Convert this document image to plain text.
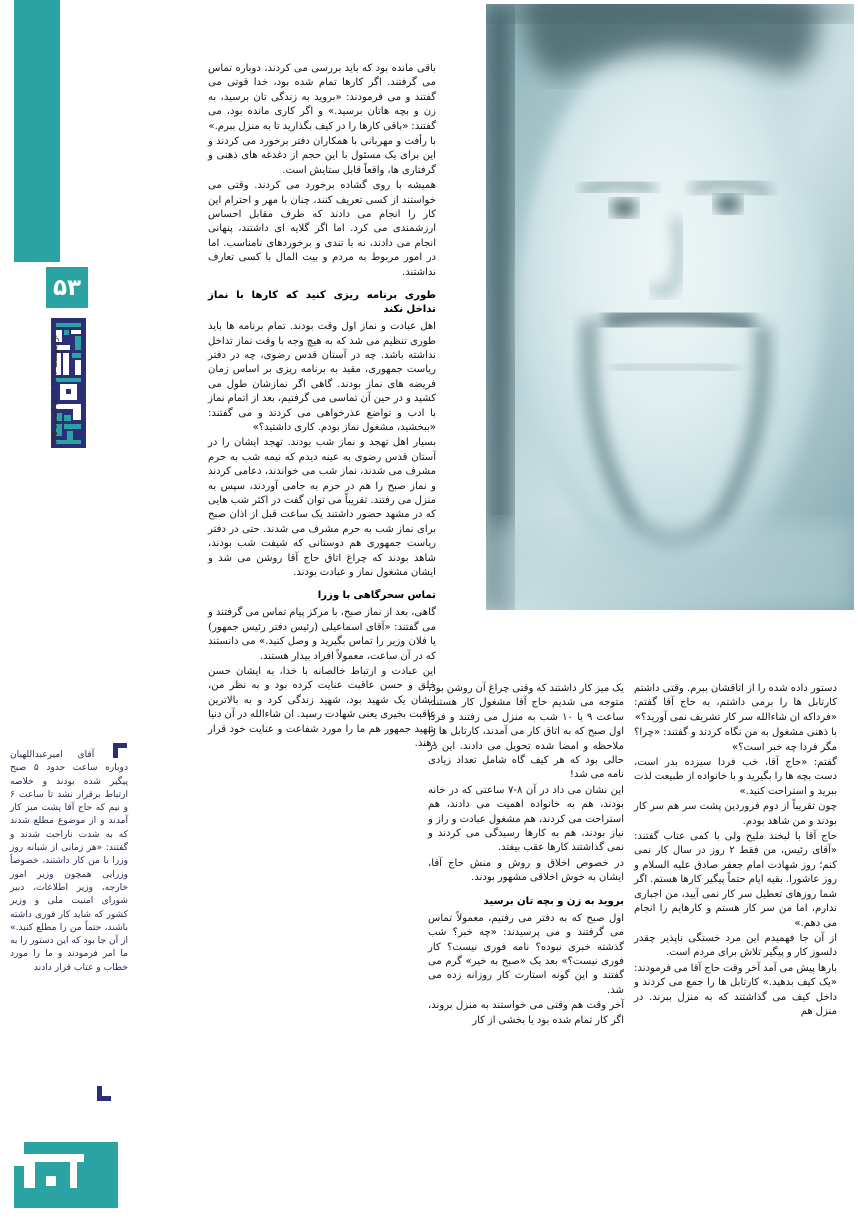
۵۳
اردیبهشت ۱۴۰۳ / ذی القعده ۱۴۴۵
آقای امیرعبداللهیان دوباره ساعت حدود ۵ صبح پیگیر شده بودند و خلاصه ارتباط برقرار نشد تا ساعت ۶ و نیم که حاج آقا پشت میز کار آمدند و از موضوع مطلع شدند که به شدت ناراحت شدند و گفتند: «هر زمانی از شبانه روز وزرا با من کار داشتند، خصوصاً وزرایی همچون وزیر امور خارجه، وزیر اطلاعات، دبیر شورای امنیت ملی و وزیر کشور که شاید کار فوری داشته باشند، حتماً من را مطلع کنید.» از آن جا بود که این دستور را به ما امر فرمودند و ما را مورد خطاب و عتاب قرار دادند

باقی مانده بود که باید بررسی می کردند، دوباره تماس می گرفتند. اگر کارها تمام شده بود، خدا قوتی می گفتند و می فرمودند: «بروید به زندگی تان برسید، به زن و بچه هاتان برسید.» و اگر کاری مانده بود، می گفتند: «باقی کارها را در کیف بگذارید تا به منزل ببرم.»

با رأفت و مهربانی با همکاران دفتر برخورد می کردند و این برای یک مسئول با این حجم از دغدغه های ذهنی و گرفتاری ها، واقعاً قابل ستایش است.

همیشه با روی گشاده برخورد می کردند. وقتی می خواستند از کسی تعریف کنند، چنان با مهر و احترام این کار را انجام می دادند که طرف مقابل احساس ارزشمندی می کرد. اما اگر گلایه ای داشتند، پنهانی انجام می دادند، نه با تندی و برخوردهای نامناسب. اما در امور مربوط به مردم و بیت المال با کسی تعارف نداشتند.

طوری برنامه ریزی کنید که کارها با نماز تداخل نکند

اهل عبادت و نماز اول وقت بودند. تمام برنامه ها باید طوری تنظیم می شد که به هیچ وجه با وقت نماز تداخل نداشته باشد. چه در آستان قدس رضوی، چه در دفتر ریاست جمهوری، مقید به برنامه ریزی بر اساس زمان فریضه های نماز بودند. گاهی اگر نمازشان طول می کشید و در حین آن تماسی می گرفتیم، بعد از اتمام نماز با ادب و تواضع عذرخواهی می کردند و می گفتند: «ببخشید، مشغول نماز بودم. کاری داشتید؟»

بسیار اهل تهجد و نماز شب بودند. تهجد ایشان را در آستان قدس رضوی به عینه دیدم که نیمه شب به حرم مشرف می شدند، نماز شب می خواندند، دعامی کردند و نماز صبح را هم در حرم به جامی آوردند، سپس به منزل می رفتند. تقریباً می توان گفت در اکثر شب هایی که در مشهد حضور داشتند یک ساعت قبل از اذان صبح برای نماز شب به حرم مشرف می شدند. حتی در دفتر ریاست جمهوری هم دوستانی که شیفت شب بودند، شاهد بودند که چراغ اتاق حاج آقا روشن می شد و ایشان مشغول نماز و عبادت بودند.

تماس سحرگاهی با وزرا

گاهی، بعد از نماز صبح، با مرکز پیام تماس می گرفتند و می گفتند: «آقای اسماعیلی (رئیس دفتر رئیس جمهور) یا فلان وزیر را تماس بگیرید و وصل کنید.» می دانستند که در آن ساعت، معمولاً افراد بیدار هستند.

این عبادت و ارتباط خالصانه با خدا، به ایشان حسن خلق و حسن عاقبت عنایت کرده بود و به نظر من، ایشان یک شهید بود، شهید زندگی کرد و به بالاترین عاقبت بخیری یعنی شهادت رسید. ان شاءالله در آن دنیا شهید جمهور هم ما را مورد شفاعت و عنایت خود قرار دهند.

یک میز کار داشتند که وقتی چراغ آن روشن بود، متوجه می شدیم حاج آقا مشغول کار هستند. ساعت ۹ یا ۱۰ شب به منزل می رفتند و فردا اول صبح که به اتاق کار می آمدند، کارتابل ها را ملاحظه و امضا شده تحویل می دادند. این در حالی بود که هر کیف گاه شامل تعداد زیادی نامه می شد!

این نشان می داد در آن ۸-۷ ساعتی که در خانه بودند، هم به خانواده اهمیت می دادند، هم استراحت می کردند، هم مشغول عبادت و راز و نیاز بودند، هم به کارها رسیدگی می کردند و نمی گذاشتند کارها عقب بیفتد.

در خصوص اخلاق و روش و منش حاج آقا، ایشان به خوش اخلاقی مشهور بودند.

بروید به زن و بچه تان برسید

اول صبح که به دفتر می رفتیم، معمولاً تماس می گرفتند و می پرسیدند: «چه خبر؟ شب گذشته خبری نبوده؟ نامه فوری نیست؟ کار فوری نیست؟» بعد یک «صبح به خیر» گرم می گفتند و این گونه استارت کار روزانه زده می شد.

آخر وقت هم وقتی می خواستند به منزل بروند، اگر کار تمام شده بود یا بخشی از کار

دستور داده شده را از اتاقشان ببرم. وقتی داشتم کارتابل ها را برمی داشتم، به حاج آقا گفتم: «فرداکه ان شاءالله سر کار تشریف نمی آورید؟»

با ذهنی مشغول به من نگاه کردند و گفتند: «چرا؟ مگر فردا چه خبر است؟»

گفتم: «حاج آقا، خب فردا سیزده بدر است، دست بچه ها را بگیرید و با خانواده از طبیعت لذت ببرید و استراحت کنید.»

چون تقریباً از دوم فروردین پشت سر هم سر کار بودند و من شاهد بودم.

حاج آقا با لبخند ملیح ولی با کمی عتاب گفتند: «آقای رئیس، من فقط ۲ روز در سال کار نمی کنم؛ روز شهادت امام جعفر صادق علیه السلام و روز عاشورا. بقیه ایام حتماً پیگیر کارها هستم. اگر شما روزهای تعطیل سر کار نمی آیید، من اجباری ندارم، اما من سر کار هستم و کارهایم را انجام می دهم.»

از آن جا فهمیدم این مرد خستگی ناپذیر چقدر دلسوز کار و پیگیر تلاش برای مردم است.

بارها پیش می آمد آخر وقت حاج آقا می فرمودند: «یک کیف بدهید.» کارتابل ها را جمع می کردند و داخل کیف می گذاشتند که به منزل ببرند. در منزل هم
